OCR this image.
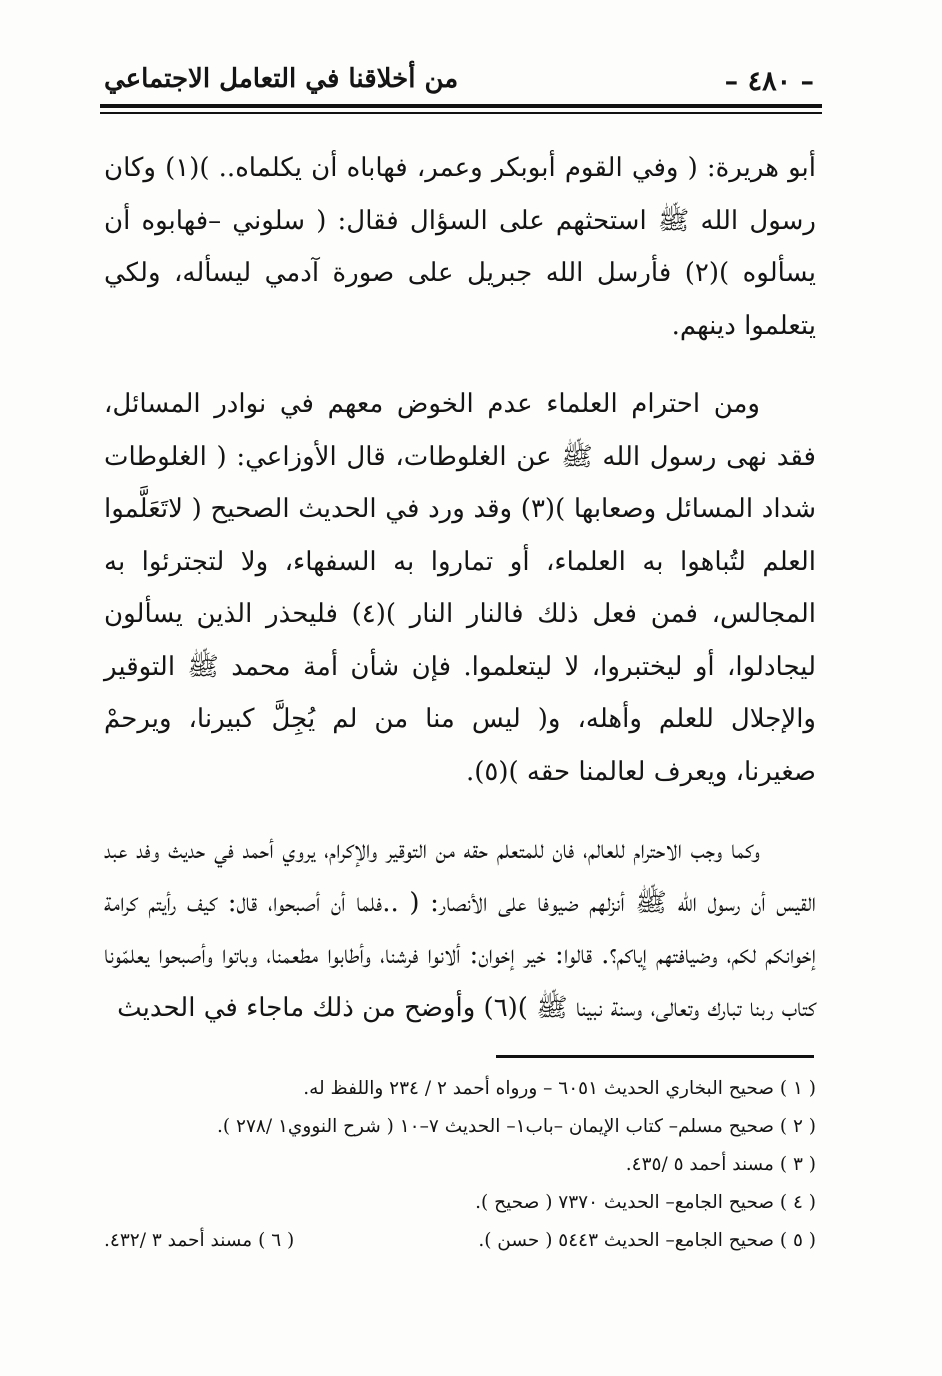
– ٤٨٠ –
من أخلاقنا في التعامل الاجتماعي

أبو هريرة: ( وفي القوم أبوبكر وعمر، فهاباه أن يكلماه.. )(١) وكان رسول الله ﷺ استحثهم على السؤال فقال: ( سلوني –فهابوه أن يسألوه )(٢) فأرسل الله جبريل على صورة آدمي ليسأله، ولكي يتعلموا دينهم.

ومن احترام العلماء عدم الخوض معهم في نوادر المسائل، فقد نهى رسول الله ﷺ عن الغلوطات، قال الأوزاعي: ( الغلوطات شداد المسائل وصعابها )(٣) وقد ورد في الحديث الصحيح ( لاتَعَلَّموا العلم لتُباهوا به العلماء، أو تماروا به السفهاء، ولا لتجترئوا به المجالس، فمن فعل ذلك فالنار النار )(٤) فليحذر الذين يسألون ليجادلوا، أو ليختبروا، لا ليتعلموا. فإن شأن أمة محمد ﷺ التوقير والإجلال للعلم وأهله، و( ليس منا من لم يُجِلَّ كبيرنا، ويرحمْ صغيرنا، ويعرف لعالمنا حقه )(٥).

وكما وجب الاحترام للعالم، فان للمتعلم حقه من التوقير والإكرام، يروي أحمد في حديث وفد عبد القيس أن رسول الله ﷺ أنزلهم ضيوفا على الأنصار: ( ..فلما أن أصبحوا، قال: كيف رأيتم كرامة إخوانكم لكم، وضيافتهم إياكم؟. قالوا: خير إخوان: ألانوا فرشنا، وأطابوا مطعمنا، وباتوا وأصبحوا يعلمّونا كتاب ربنا تبارك وتعالى، وسنة نبينا ﷺ )(٦) وأوضح من ذلك ماجاء في الحديث

( ١ ) صحيح البخاري الحديث ٦٠٥١ – ورواه أحمد ٢ / ٢٣٤ واللفظ له.
( ٢ ) صحيح مسلم– كتاب الإيمان –باب١– الحديث ٧–١٠ ( شرح النووي١ /٢٧٨ ).
( ٣ ) مسند أحمد ٥ /٤٣٥.
( ٤ ) صحيح الجامع– الحديث ٧٣٧٠ ( صحيح ).
( ٥ ) صحيح الجامع– الحديث ٥٤٤٣ ( حسن ).
( ٦ ) مسند أحمد ٣ /٤٣٢.
